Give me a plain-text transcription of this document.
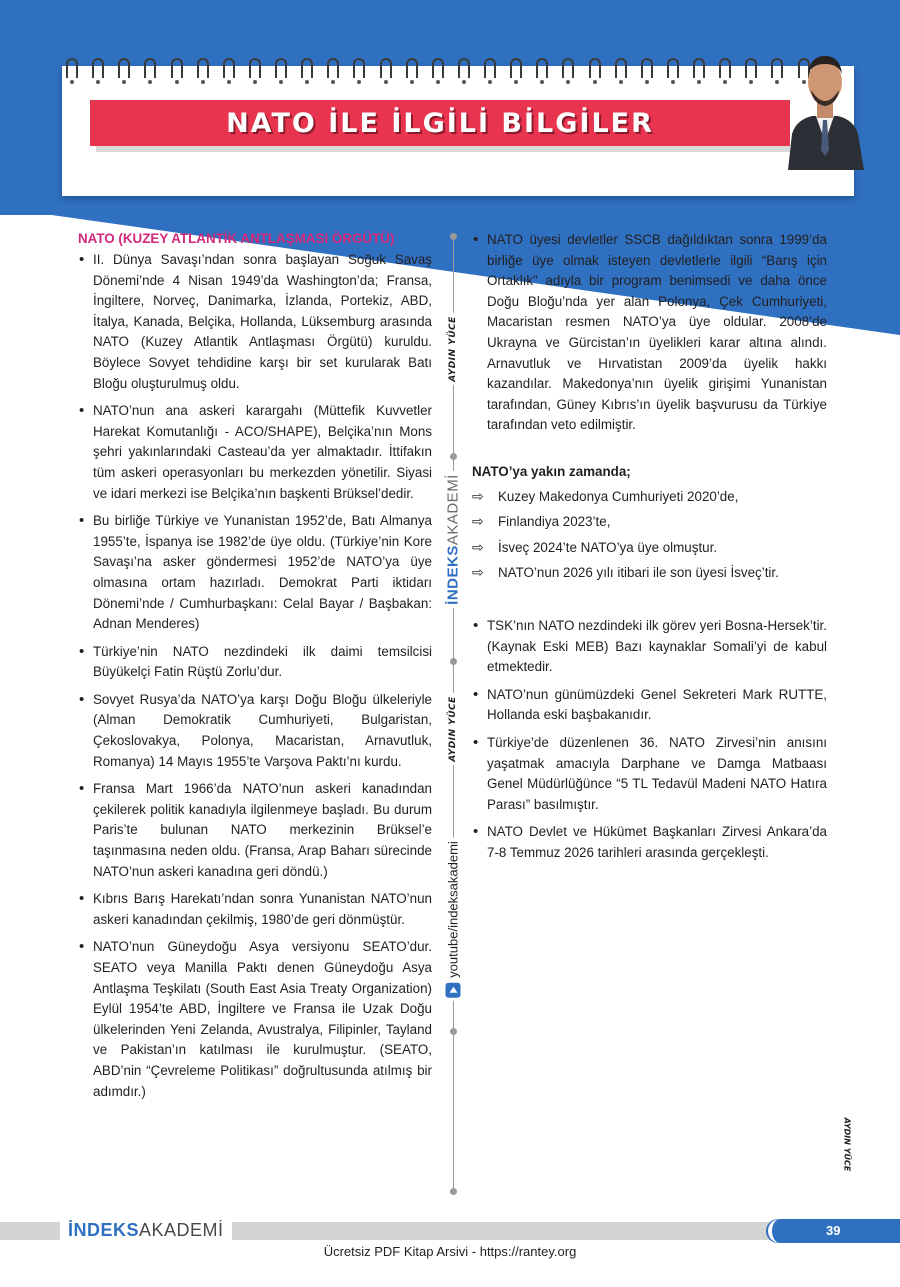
NATO İLE İLGİLİ BİLGİLER
NATO (KUZEY ATLANTİK ANTLAŞMASI ÖRGÜTÜ)
• II. Dünya Savaşı’ndan sonra başlayan Soğuk Savaş Dönemi’nde 4 Nisan 1949’da Washington’da; Fransa, İngiltere, Norveç, Danimarka, İzlanda, Portekiz, ABD, İtalya, Kanada, Belçika, Hollanda, Lüksemburg arasında NATO (Kuzey Atlantik Antlaşması Örgütü) kuruldu. Böylece Sovyet tehdidine karşı bir set kurularak Batı Bloğu oluşturulmuş oldu.
• NATO’nun ana askeri karargahı (Müttefik Kuvvetler Harekat Komutanlığı - ACO/SHAPE), Belçika’nın Mons şehri yakınlarındaki Casteau’da yer almaktadır. İttifakın tüm askeri operasyonları bu merkezden yönetilir. Siyasi ve idari merkezi ise Belçika’nın başkenti Brüksel’dedir.
• Bu birliğe Türkiye ve Yunanistan 1952’de, Batı Almanya 1955’te, İspanya ise 1982’de üye oldu. (Türkiye’nin Kore Savaşı’na asker göndermesi 1952’de NATO’ya üye olmasına ortam hazırladı. Demokrat Parti iktidarı Dönemi’nde / Cumhurbaşkanı: Celal Bayar / Başbakan: Adnan Menderes)
• Türkiye’nin NATO nezdindeki ilk daimi temsilcisi Büyükelçi Fatin Rüştü Zorlu’dur.
• Sovyet Rusya’da NATO’ya karşı Doğu Bloğu ülkeleriyle (Alman Demokratik Cumhuriyeti, Bulgaristan, Çekoslovakya, Polonya, Macaristan, Arnavutluk, Romanya) 14 Mayıs 1955’te Varşova Paktı’nı kurdu.
• Fransa Mart 1966’da NATO’nun askeri kanadından çekilerek politik kanadıyla ilgilenmeye başladı. Bu durum Paris’te bulunan NATO merkezinin Brüksel’e taşınmasına neden oldu. (Fransa, Arap Baharı sürecinde NATO’nun askeri kanadına geri döndü.)
• Kıbrıs Barış Harekatı’ndan sonra Yunanistan NATO’nun askeri kanadından çekilmiş, 1980’de geri dönmüştür.
• NATO’nun Güneydoğu Asya versiyonu SEATO’dur. SEATO veya Manilla Paktı denen Güneydoğu Asya Antlaşma Teşkilatı (South East Asia Treaty Organization) Eylül 1954’te ABD, İngiltere ve Fransa ile Uzak Doğu ülkelerinden Yeni Zelanda, Avustralya, Filipinler, Tayland ve Pakistan’ın katılması ile kurulmuştur. (SEATO, ABD’nin “Çevreleme Politikası” doğrultusunda atılmış bir adımdır.)
AYDIN YÜCE
İNDEKSAKADEMİ
AYDIN YÜCE
youtube/indeksakademi
• NATO üyesi devletler SSCB dağıldıktan sonra 1999’da birliğe üye olmak isteyen devletlerle ilgili “Barış için Ortaklık” adıyla bir program benimsedi ve daha önce Doğu Bloğu’nda yer alan Polonya, Çek Cumhuriyeti, Macaristan resmen NATO’ya üye oldular. 2008’de Ukrayna ve Gürcistan’ın üyelikleri karar altına alındı. Arnavutluk ve Hırvatistan 2009’da üyelik hakkı kazandılar. Makedonya’nın üyelik girişimi Yunanistan tarafından, Güney Kıbrıs’ın üyelik başvurusu da Türkiye tarafından veto edilmiştir.
NATO’ya yakın zamanda;
⇨	Kuzey Makedonya Cumhuriyeti 2020’de,
⇨	Finlandiya 2023’te,
⇨	İsveç 2024’te NATO’ya üye olmuştur.
⇨	NATO’nun 2026 yılı itibari ile son üyesi İsveç’tir.
• TSK’nın NATO nezdindeki ilk görev yeri Bosna-Hersek’tir. (Kaynak Eski MEB) Bazı kaynaklar Somali’yi de kabul etmektedir.
• NATO’nun günümüzdeki Genel Sekreteri Mark RUTTE, Hollanda eski başbakanıdır.
• Türkiye’de düzenlenen 36. NATO Zirvesi’nin anısını yaşatmak amacıyla Darphane ve Damga Matbaası Genel Müdürlüğünce “5 TL Tedavül Madeni NATO Hatıra Parası” basılmıştır.
• NATO Devlet ve Hükümet Başkanları Zirvesi Ankara’da 7-8 Temmuz 2026 tarihleri arasında gerçekleşti.
AYDIN YÜCE
İNDEKSAKADEMİ	39
Ücretsiz PDF Kitap Arsivi - https://rantey.org
